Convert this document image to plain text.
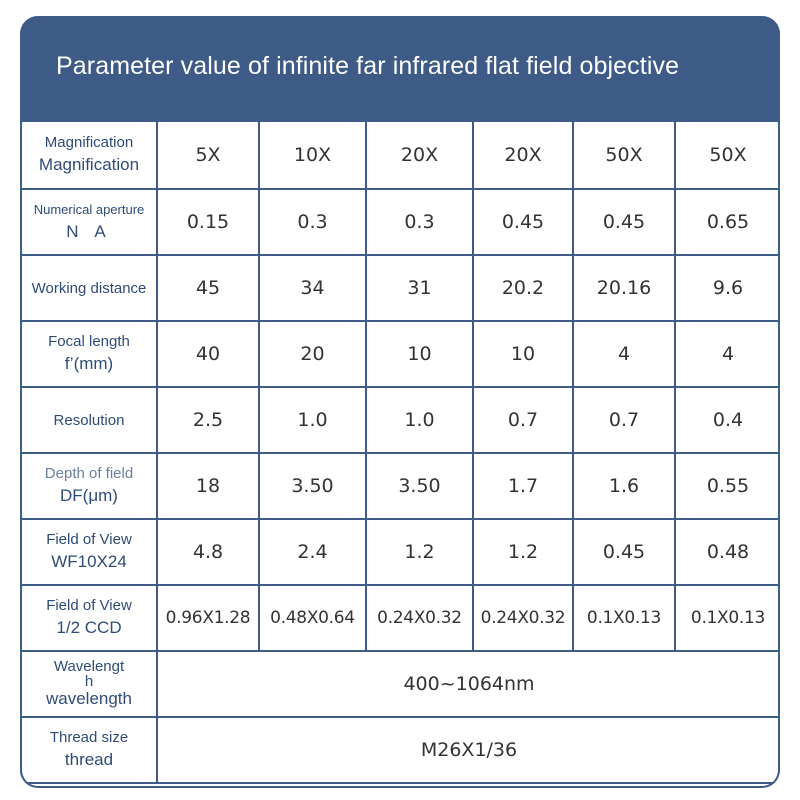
Parameter value of infinite far infrared flat field objective
Magnification
Magnification	5X	10X	20X	20X	50X	50X

Numerical aperture
N A	0.15	0.3	0.3	0.45	0.45	0.65

Working distance	45	34	31	20.2	20.16	9.6

Focal length
f’(mm)	40	20	10	10	4	4

Resolution	2.5	1.0	1.0	0.7	0.7	0.4

Depth of field
DF(μm)	18	3.50	3.50	1.7	1.6	0.55

Field of View
WF10X24	4.8	2.4	1.2	1.2	0.45	0.48

Field of View
1/2 CCD	0.96X1.28	0.48X0.64	0.24X0.32	0.24X0.32	0.1X0.13	0.1X0.13

Wavelengt
h
wavelength	400~1064nm					

Thread size
thread	M26X1/36					
